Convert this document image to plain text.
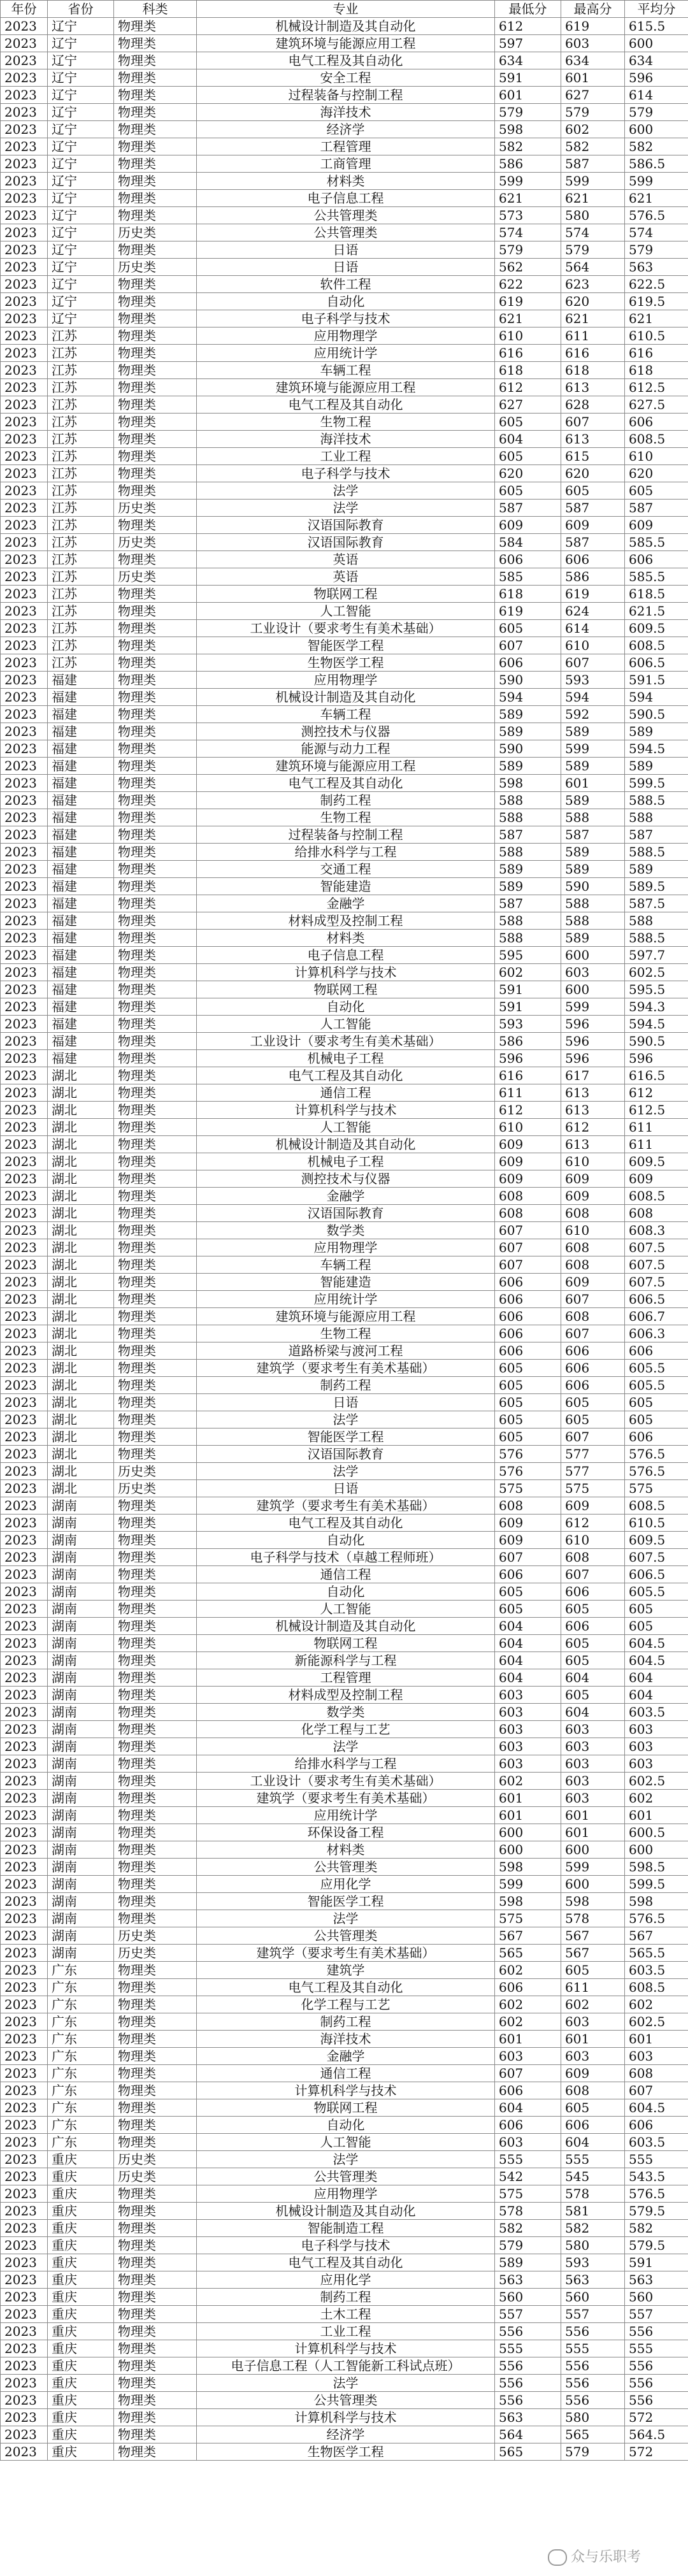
年份	省份	科类	专业	最低分	最高分	平均分
2023	辽宁	物理类	机械设计制造及其自动化	612	619	615.5
2023	辽宁	物理类	建筑环境与能源应用工程	597	603	600
2023	辽宁	物理类	电气工程及其自动化	634	634	634
2023	辽宁	物理类	安全工程	591	601	596
2023	辽宁	物理类	过程装备与控制工程	601	627	614
2023	辽宁	物理类	海洋技术	579	579	579
2023	辽宁	物理类	经济学	598	602	600
2023	辽宁	物理类	工程管理	582	582	582
2023	辽宁	物理类	工商管理	586	587	586.5
2023	辽宁	物理类	材料类	599	599	599
2023	辽宁	物理类	电子信息工程	621	621	621
2023	辽宁	物理类	公共管理类	573	580	576.5
2023	辽宁	历史类	公共管理类	574	574	574
2023	辽宁	物理类	日语	579	579	579
2023	辽宁	历史类	日语	562	564	563
2023	辽宁	物理类	软件工程	622	623	622.5
2023	辽宁	物理类	自动化	619	620	619.5
2023	辽宁	物理类	电子科学与技术	621	621	621
2023	江苏	物理类	应用物理学	610	611	610.5
2023	江苏	物理类	应用统计学	616	616	616
2023	江苏	物理类	车辆工程	618	618	618
2023	江苏	物理类	建筑环境与能源应用工程	612	613	612.5
2023	江苏	物理类	电气工程及其自动化	627	628	627.5
2023	江苏	物理类	生物工程	605	607	606
2023	江苏	物理类	海洋技术	604	613	608.5
2023	江苏	物理类	工业工程	605	615	610
2023	江苏	物理类	电子科学与技术	620	620	620
2023	江苏	物理类	法学	605	605	605
2023	江苏	历史类	法学	587	587	587
2023	江苏	物理类	汉语国际教育	609	609	609
2023	江苏	历史类	汉语国际教育	584	587	585.5
2023	江苏	物理类	英语	606	606	606
2023	江苏	历史类	英语	585	586	585.5
2023	江苏	物理类	物联网工程	618	619	618.5
2023	江苏	物理类	人工智能	619	624	621.5
2023	江苏	物理类	工业设计（要求考生有美术基础）	605	614	609.5
2023	江苏	物理类	智能医学工程	607	610	608.5
2023	江苏	物理类	生物医学工程	606	607	606.5
2023	福建	物理类	应用物理学	590	593	591.5
2023	福建	物理类	机械设计制造及其自动化	594	594	594
2023	福建	物理类	车辆工程	589	592	590.5
2023	福建	物理类	测控技术与仪器	589	589	589
2023	福建	物理类	能源与动力工程	590	599	594.5
2023	福建	物理类	建筑环境与能源应用工程	589	589	589
2023	福建	物理类	电气工程及其自动化	598	601	599.5
2023	福建	物理类	制药工程	588	589	588.5
2023	福建	物理类	生物工程	588	588	588
2023	福建	物理类	过程装备与控制工程	587	587	587
2023	福建	物理类	给排水科学与工程	588	589	588.5
2023	福建	物理类	交通工程	589	589	589
2023	福建	物理类	智能建造	589	590	589.5
2023	福建	物理类	金融学	587	588	587.5
2023	福建	物理类	材料成型及控制工程	588	588	588
2023	福建	物理类	材料类	588	589	588.5
2023	福建	物理类	电子信息工程	595	600	597.7
2023	福建	物理类	计算机科学与技术	602	603	602.5
2023	福建	物理类	物联网工程	591	600	595.5
2023	福建	物理类	自动化	591	599	594.3
2023	福建	物理类	人工智能	593	596	594.5
2023	福建	物理类	工业设计（要求考生有美术基础）	586	596	590.5
2023	福建	物理类	机械电子工程	596	596	596
2023	湖北	物理类	电气工程及其自动化	616	617	616.5
2023	湖北	物理类	通信工程	611	613	612
2023	湖北	物理类	计算机科学与技术	612	613	612.5
2023	湖北	物理类	人工智能	610	612	611
2023	湖北	物理类	机械设计制造及其自动化	609	613	611
2023	湖北	物理类	机械电子工程	609	610	609.5
2023	湖北	物理类	测控技术与仪器	609	609	609
2023	湖北	物理类	金融学	608	609	608.5
2023	湖北	物理类	汉语国际教育	608	608	608
2023	湖北	物理类	数学类	607	610	608.3
2023	湖北	物理类	应用物理学	607	608	607.5
2023	湖北	物理类	车辆工程	607	608	607.5
2023	湖北	物理类	智能建造	606	609	607.5
2023	湖北	物理类	应用统计学	606	607	606.5
2023	湖北	物理类	建筑环境与能源应用工程	606	608	606.7
2023	湖北	物理类	生物工程	606	607	606.3
2023	湖北	物理类	道路桥梁与渡河工程	606	606	606
2023	湖北	物理类	建筑学（要求考生有美术基础）	605	606	605.5
2023	湖北	物理类	制药工程	605	606	605.5
2023	湖北	物理类	日语	605	605	605
2023	湖北	物理类	法学	605	605	605
2023	湖北	物理类	智能医学工程	605	607	606
2023	湖北	物理类	汉语国际教育	576	577	576.5
2023	湖北	历史类	法学	576	577	576.5
2023	湖北	历史类	日语	575	575	575
2023	湖南	物理类	建筑学（要求考生有美术基础）	608	609	608.5
2023	湖南	物理类	电气工程及其自动化	609	612	610.5
2023	湖南	物理类	自动化	609	610	609.5
2023	湖南	物理类	电子科学与技术（卓越工程师班）	607	608	607.5
2023	湖南	物理类	通信工程	606	607	606.5
2023	湖南	物理类	自动化	605	606	605.5
2023	湖南	物理类	人工智能	605	605	605
2023	湖南	物理类	机械设计制造及其自动化	604	606	605
2023	湖南	物理类	物联网工程	604	605	604.5
2023	湖南	物理类	新能源科学与工程	604	605	604.5
2023	湖南	物理类	工程管理	604	604	604
2023	湖南	物理类	材料成型及控制工程	603	605	604
2023	湖南	物理类	数学类	603	604	603.5
2023	湖南	物理类	化学工程与工艺	603	603	603
2023	湖南	物理类	法学	603	603	603
2023	湖南	物理类	给排水科学与工程	603	603	603
2023	湖南	物理类	工业设计（要求考生有美术基础）	602	603	602.5
2023	湖南	物理类	建筑学（要求考生有美术基础）	601	603	602
2023	湖南	物理类	应用统计学	601	601	601
2023	湖南	物理类	环保设备工程	600	601	600.5
2023	湖南	物理类	材料类	600	600	600
2023	湖南	物理类	公共管理类	598	599	598.5
2023	湖南	物理类	应用化学	599	600	599.5
2023	湖南	物理类	智能医学工程	598	598	598
2023	湖南	物理类	法学	575	578	576.5
2023	湖南	历史类	公共管理类	567	567	567
2023	湖南	历史类	建筑学（要求考生有美术基础）	565	567	565.5
2023	广东	物理类	建筑学	602	605	603.5
2023	广东	物理类	电气工程及其自动化	606	611	608.5
2023	广东	物理类	化学工程与工艺	602	602	602
2023	广东	物理类	制药工程	602	603	602.5
2023	广东	物理类	海洋技术	601	601	601
2023	广东	物理类	金融学	603	603	603
2023	广东	物理类	通信工程	607	609	608
2023	广东	物理类	计算机科学与技术	606	608	607
2023	广东	物理类	物联网工程	604	605	604.5
2023	广东	物理类	自动化	606	606	606
2023	广东	物理类	人工智能	603	604	603.5
2023	重庆	历史类	法学	555	555	555
2023	重庆	历史类	公共管理类	542	545	543.5
2023	重庆	物理类	应用物理学	575	578	576.5
2023	重庆	物理类	机械设计制造及其自动化	578	581	579.5
2023	重庆	物理类	智能制造工程	582	582	582
2023	重庆	物理类	电子科学与技术	579	580	579.5
2023	重庆	物理类	电气工程及其自动化	589	593	591
2023	重庆	物理类	应用化学	563	563	563
2023	重庆	物理类	制药工程	560	560	560
2023	重庆	物理类	土木工程	557	557	557
2023	重庆	物理类	工业工程	556	556	556
2023	重庆	物理类	计算机科学与技术	555	555	555
2023	重庆	物理类	电子信息工程（人工智能新工科试点班）	556	556	556
2023	重庆	物理类	法学	556	556	556
2023	重庆	物理类	公共管理类	556	556	556
2023	重庆	物理类	计算机科学与技术	563	580	572
2023	重庆	物理类	经济学	564	565	564.5
2023	重庆	物理类	生物医学工程	565	579	572
众与乐职考
